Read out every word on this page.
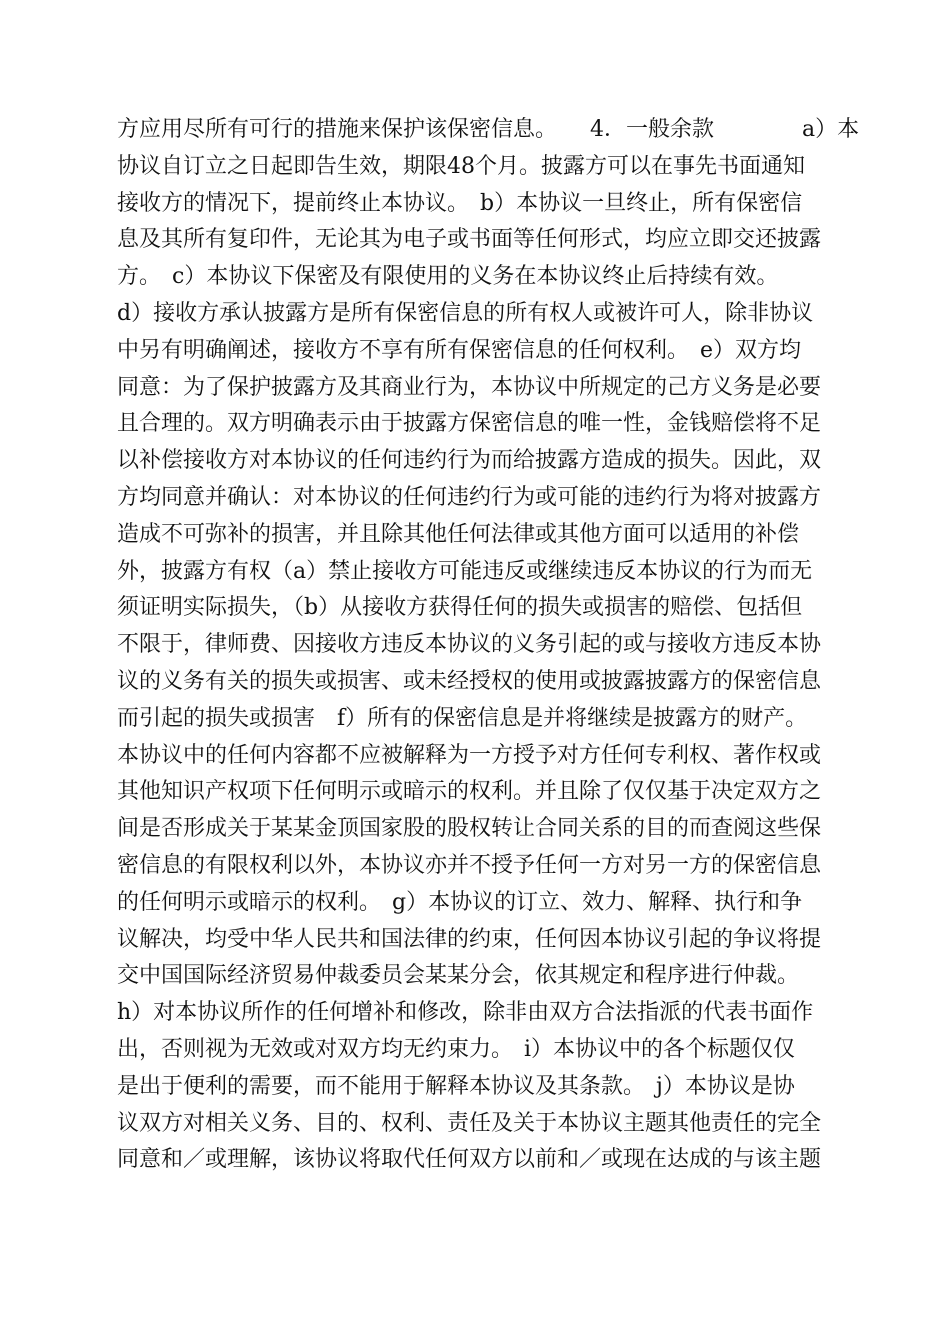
方应用尽所有可行的措施来保护该保密信息。　　4．一般余款　　　　a）本
协议自订立之日起即告生效，期限48个月。披露方可以在事先书面通知
接收方的情况下，提前终止本协议。　b）本协议一旦终止，所有保密信
息及其所有复印件，无论其为电子或书面等任何形式，均应立即交还披露
方。　c）本协议下保密及有限使用的义务在本协议终止后持续有效。
d）接收方承认披露方是所有保密信息的所有权人或被许可人，除非协议
中另有明确阐述，接收方不享有所有保密信息的任何权利。　e）双方均
同意：为了保护披露方及其商业行为，本协议中所规定的己方义务是必要
且合理的。双方明确表示由于披露方保密信息的唯一性，金钱赔偿将不足
以补偿接收方对本协议的任何违约行为而给披露方造成的损失。因此，双
方均同意并确认：对本协议的任何违约行为或可能的违约行为将对披露方
造成不可弥补的损害，并且除其他任何法律或其他方面可以适用的补偿
外，披露方有权（a）禁止接收方可能违反或继续违反本协议的行为而无
须证明实际损失，（b）从接收方获得任何的损失或损害的赔偿、包括但
不限于，律师费、因接收方违反本协议的义务引起的或与接收方违反本协
议的义务有关的损失或损害、或未经授权的使用或披露披露方的保密信息
而引起的损失或损害　f）所有的保密信息是并将继续是披露方的财产。
本协议中的任何内容都不应被解释为一方授予对方任何专利权、著作权或
其他知识产权项下任何明示或暗示的权利。并且除了仅仅基于决定双方之
间是否形成关于某某金顶国家股的股权转让合同关系的目的而查阅这些保
密信息的有限权利以外，本协议亦并不授予任何一方对另一方的保密信息
的任何明示或暗示的权利。　g）本协议的订立、效力、解释、执行和争
议解决，均受中华人民共和国法律的约束，任何因本协议引起的争议将提
交中国国际经济贸易仲裁委员会某某分会，依其规定和程序进行仲裁。
h）对本协议所作的任何增补和修改，除非由双方合法指派的代表书面作
出，否则视为无效或对双方均无约束力。　i）本协议中的各个标题仅仅
是出于便利的需要，而不能用于解释本协议及其条款。　j）本协议是协
议双方对相关义务、目的、权利、责任及关于本协议主题其他责任的完全
同意和／或理解，该协议将取代任何双方以前和／或现在达成的与该主题
